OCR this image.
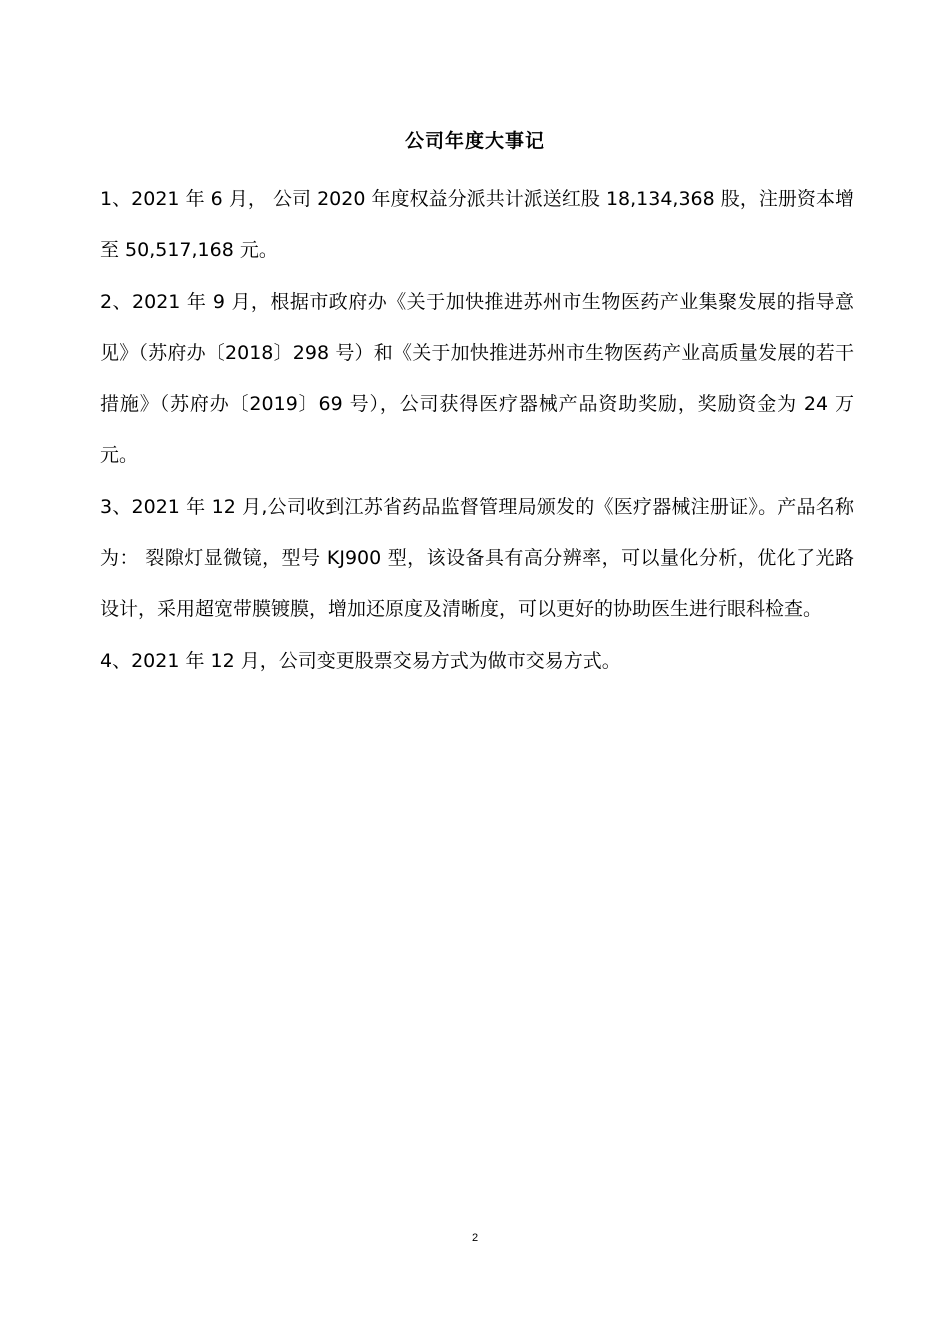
公司年度大事记

1、2021 年 6 月， 公司 2020 年度权益分派共计派送红股 18,134,368 股，注册资本增至 50,517,168 元。

2、2021 年 9 月，根据市政府办《关于加快推进苏州市生物医药产业集聚发展的指导意见》（苏府办〔2018〕298 号）和《关于加快推进苏州市生物医药产业高质量发展的若干措施》（苏府办〔2019〕69 号），公司获得医疗器械产品资助奖励，奖励资金为 24 万元。

3、2021 年 12 月,公司收到江苏省药品监督管理局颁发的《医疗器械注册证》。产品名称为： 裂隙灯显微镜，型号 KJ900 型，该设备具有高分辨率，可以量化分析，优化了光路设计，采用超宽带膜镀膜，增加还原度及清晰度，可以更好的协助医生进行眼科检查。

4、2021 年 12 月，公司变更股票交易方式为做市交易方式。

2
